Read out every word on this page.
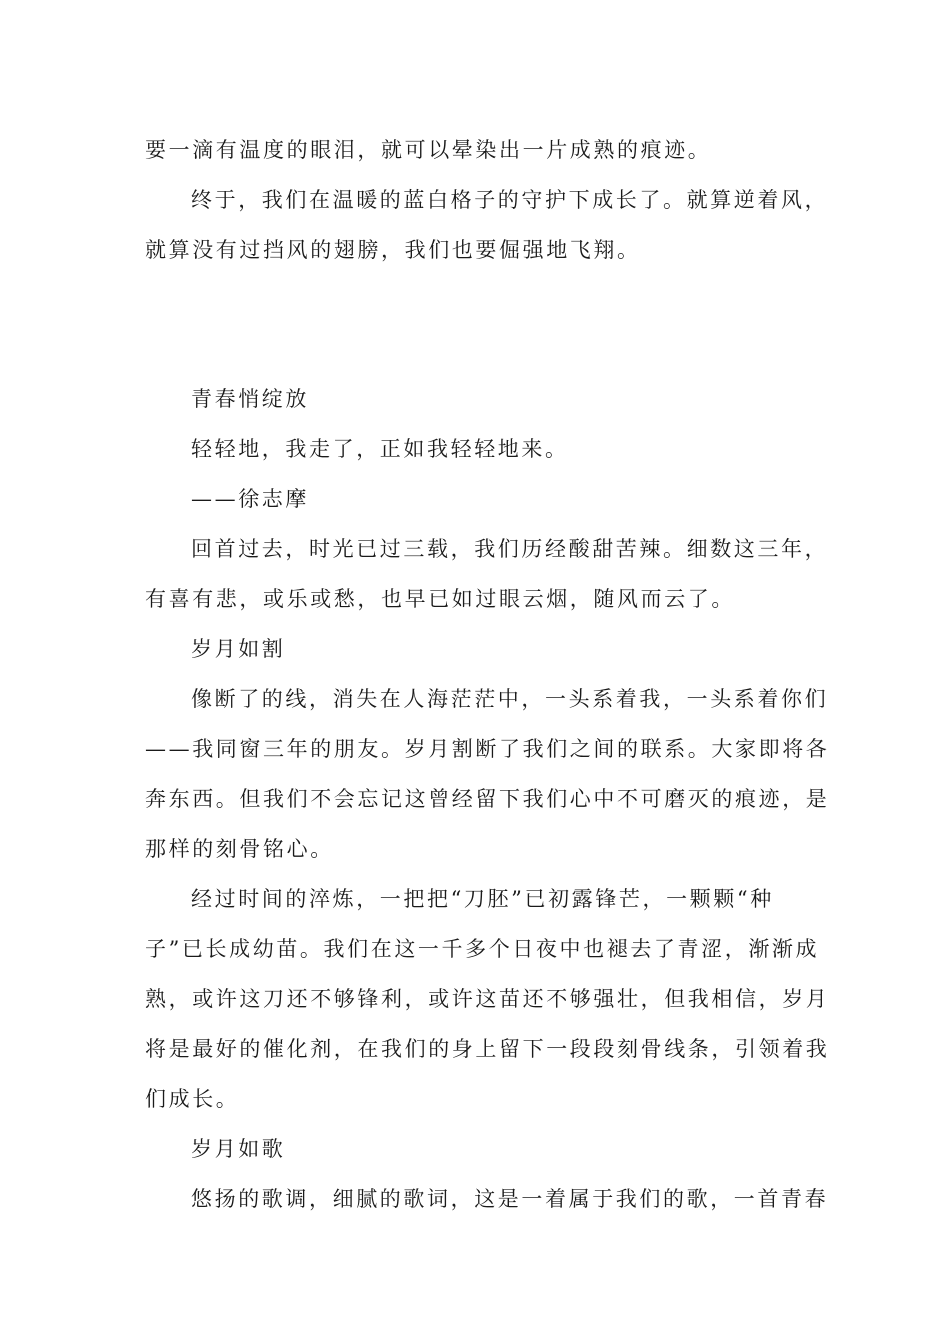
要一滴有温度的眼泪，就可以晕染出一片成熟的痕迹。
终于，我们在温暖的蓝白格子的守护下成长了。就算逆着风，
就算没有过挡风的翅膀，我们也要倔强地飞翔。
青春悄绽放
轻轻地，我走了，正如我轻轻地来。
——徐志摩
回首过去，时光已过三载，我们历经酸甜苦辣。细数这三年，
有喜有悲，或乐或愁，也早已如过眼云烟，随风而云了。
岁月如割
像断了的线，消失在人海茫茫中，一头系着我，一头系着你们
——我同窗三年的朋友。岁月割断了我们之间的联系。大家即将各
奔东西。但我们不会忘记这曾经留下我们心中不可磨灭的痕迹，是
那样的刻骨铭心。
经过时间的淬炼，一把把“刀胚”已初露锋芒，一颗颗“种
子”已长成幼苗。我们在这一千多个日夜中也褪去了青涩，渐渐成
熟，或许这刀还不够锋利，或许这苗还不够强壮，但我相信，岁月
将是最好的催化剂，在我们的身上留下一段段刻骨线条，引领着我
们成长。
岁月如歌
悠扬的歌调，细腻的歌词，这是一着属于我们的歌，一首青春
